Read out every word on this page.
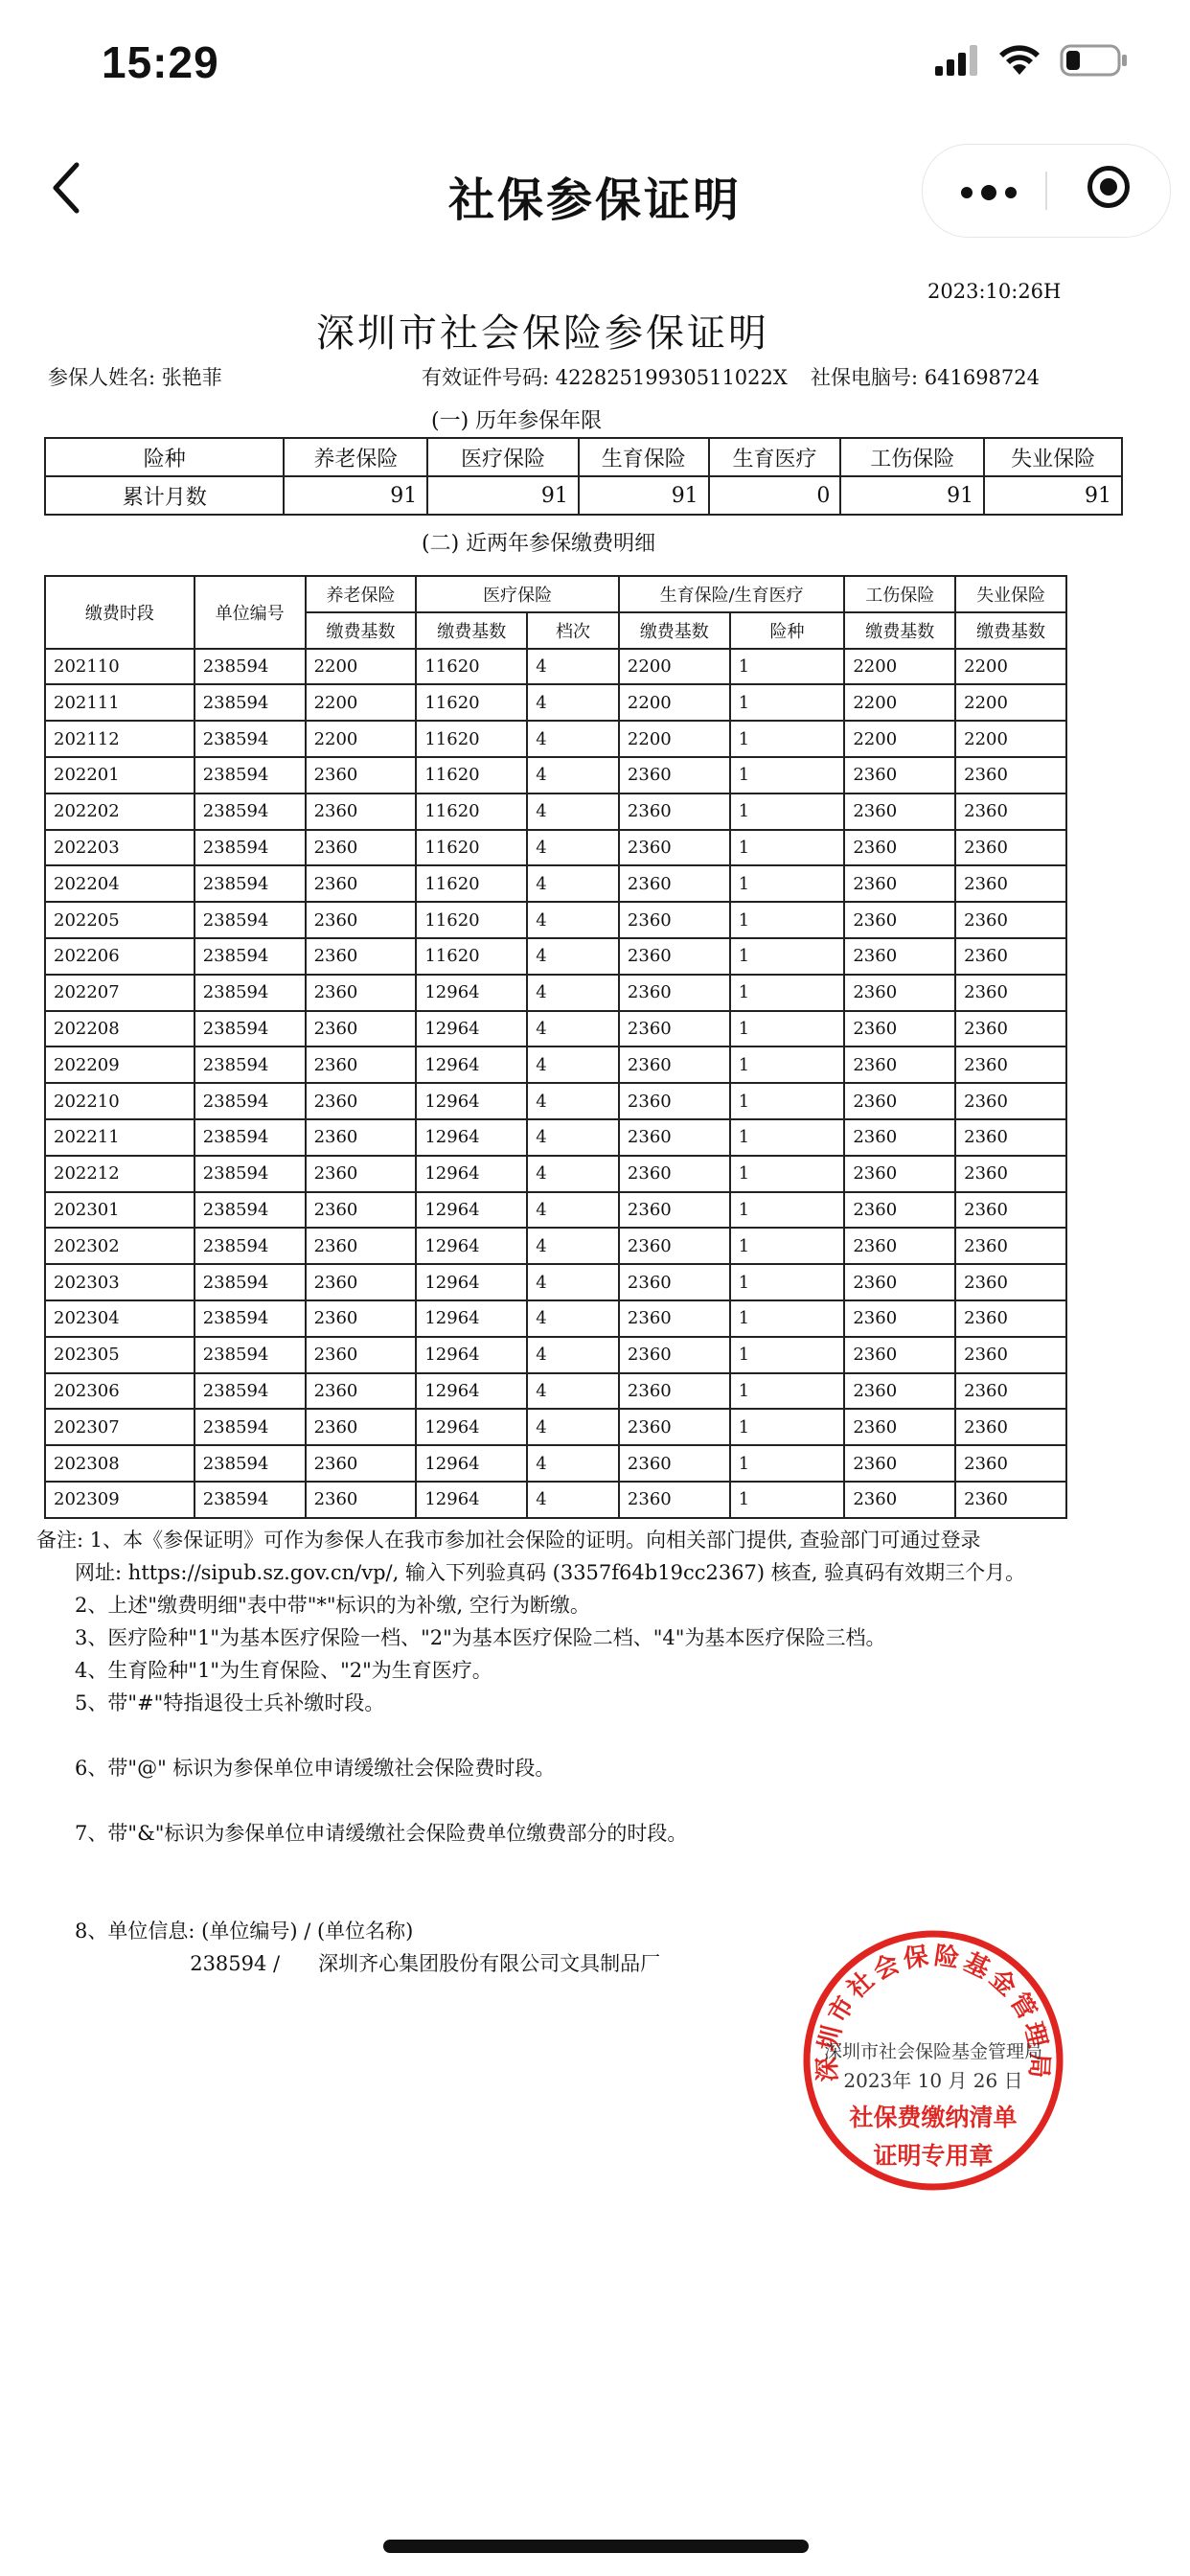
15:29
社保参保证明
2023:10:26H
深圳市社会保险参保证明
参保人姓名: 张艳菲	有效证件号码: 42282519930511022X 社保电脑号: 641698724
(一) 历年参保年限
险种	养老保险	医疗保险	生育保险	生育医疗	工伤保险	失业保险
累计月数	91	91	91	0	91	91
(二) 近两年参保缴费明细
缴费时段	单位编号	养老保险	医疗保险		生育保险/生育医疗		工伤保险	失业保险
		缴费基数	缴费基数	档次	缴费基数	险种	缴费基数	缴费基数
202110	238594	2200	11620	4	2200	1	2200	2200
202111	238594	2200	11620	4	2200	1	2200	2200
202112	238594	2200	11620	4	2200	1	2200	2200
202201	238594	2360	11620	4	2360	1	2360	2360
202202	238594	2360	11620	4	2360	1	2360	2360
202203	238594	2360	11620	4	2360	1	2360	2360
202204	238594	2360	11620	4	2360	1	2360	2360
202205	238594	2360	11620	4	2360	1	2360	2360
202206	238594	2360	11620	4	2360	1	2360	2360
202207	238594	2360	12964	4	2360	1	2360	2360
202208	238594	2360	12964	4	2360	1	2360	2360
202209	238594	2360	12964	4	2360	1	2360	2360
202210	238594	2360	12964	4	2360	1	2360	2360
202211	238594	2360	12964	4	2360	1	2360	2360
202212	238594	2360	12964	4	2360	1	2360	2360
202301	238594	2360	12964	4	2360	1	2360	2360
202302	238594	2360	12964	4	2360	1	2360	2360
202303	238594	2360	12964	4	2360	1	2360	2360
202304	238594	2360	12964	4	2360	1	2360	2360
202305	238594	2360	12964	4	2360	1	2360	2360
202306	238594	2360	12964	4	2360	1	2360	2360
202307	238594	2360	12964	4	2360	1	2360	2360
202308	238594	2360	12964	4	2360	1	2360	2360
202309	238594	2360	12964	4	2360	1	2360	2360
备注: 1、本《参保证明》可作为参保人在我市参加社会保险的证明。向相关部门提供, 查验部门可通过登录
网址: https://sipub.sz.gov.cn/vp/, 输入下列验真码 (3357f64b19cc2367) 核查, 验真码有效期三个月。
2、上述"缴费明细"表中带"*"标识的为补缴, 空行为断缴。
3、医疗险种"1"为基本医疗保险一档、"2"为基本医疗保险二档、"4"为基本医疗保险三档。
4、生育险种"1"为生育保险、"2"为生育医疗。
5、带"#"特指退役士兵补缴时段。
6、带"@" 标识为参保单位申请缓缴社会保险费时段。
7、带"&"标识为参保单位申请缓缴社会保险费单位缴费部分的时段。
8、单位信息: (单位编号) / (单位名称)
238594 /      深圳齐心集团股份有限公司文具制品厂
深圳市社会保险基金管理局
深圳市社会保险基金管理局
2023年 10 月 26 日
社保费缴纳清单
证明专用章
